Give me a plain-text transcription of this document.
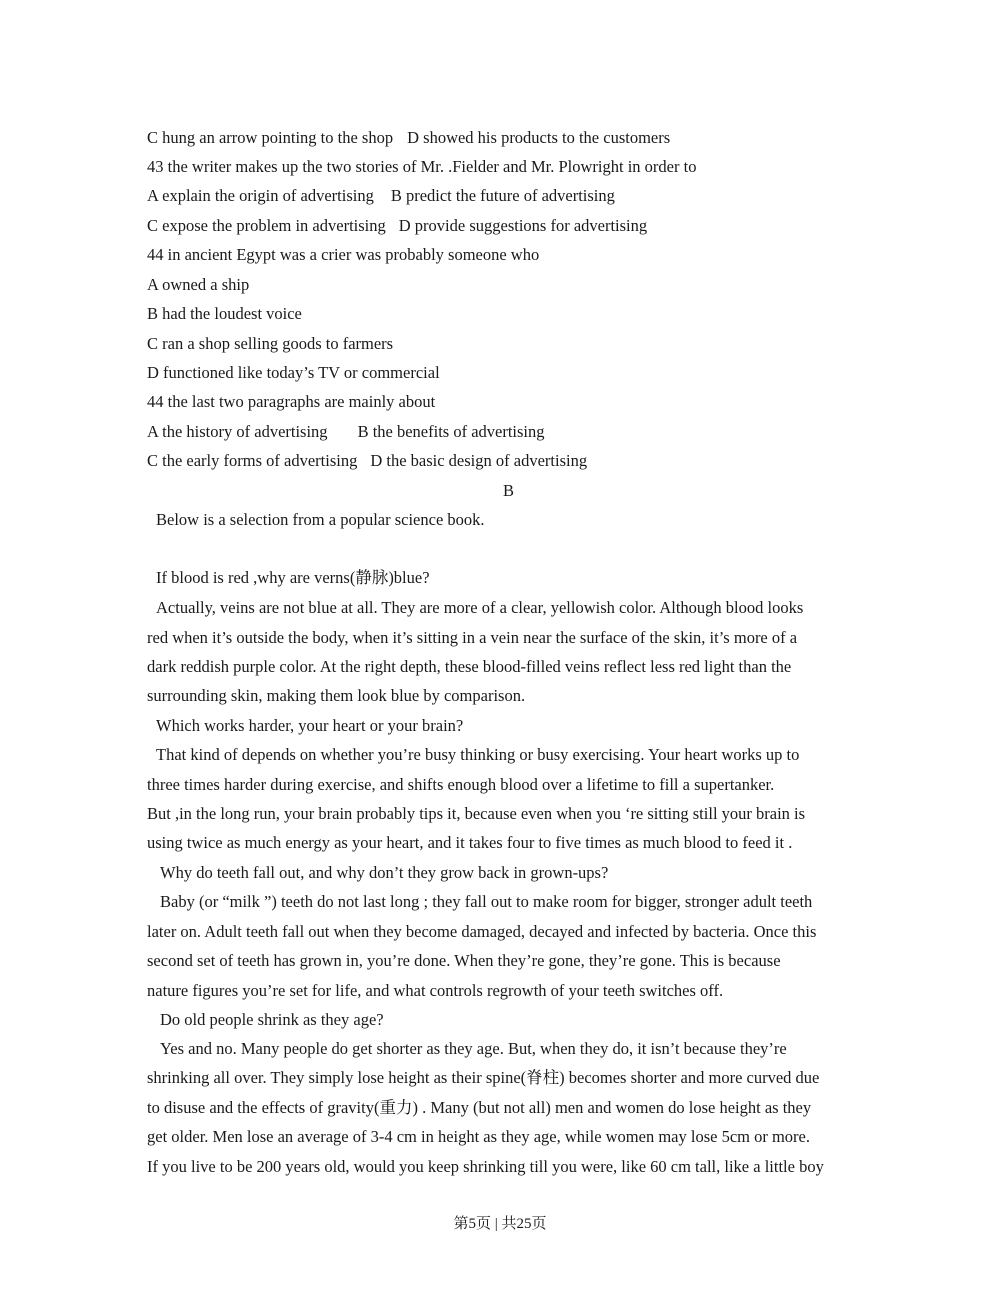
C hung an arrow pointing to the shop D showed his products to the customers
43 the writer makes up the two stories of Mr. .Fielder and Mr. Plowright in order to
A explain the origin of advertising B predict the future of advertising
C expose the problem in advertising D provide suggestions for advertising
44 in ancient Egypt was a crier was probably someone who
A owned a ship
B had the loudest voice
C ran a shop selling goods to farmers
D functioned like today’s TV or commercial
44 the last two paragraphs are mainly about
A the history of advertising B the benefits of advertising
C the early forms of advertising D the basic design of advertising
B
Below is a selection from a popular science book.
If blood is red ,why are verns(静脉)blue?
Actually, veins are not blue at all. They are more of a clear, yellowish color. Although blood looks
red when it’s outside the body, when it’s sitting in a vein near the surface of the skin, it’s more of a
dark reddish purple color. At the right depth, these blood-filled veins reflect less red light than the
surrounding skin, making them look blue by comparison.
Which works harder, your heart or your brain?
That kind of depends on whether you’re busy thinking or busy exercising. Your heart works up to
three times harder during exercise, and shifts enough blood over a lifetime to fill a supertanker.
But ,in the long run, your brain probably tips it, because even when you ‘re sitting still your brain is
using twice as much energy as your heart, and it takes four to five times as much blood to feed it .
Why do teeth fall out, and why don’t they grow back in grown-ups?
Baby (or “milk ”) teeth do not last long ; they fall out to make room for bigger, stronger adult teeth
later on. Adult teeth fall out when they become damaged, decayed and infected by bacteria. Once this
second set of teeth has grown in, you’re done. When they’re gone, they’re gone. This is because
nature figures you’re set for life, and what controls regrowth of your teeth switches off.
Do old people shrink as they age?
Yes and no. Many people do get shorter as they age. But, when they do, it isn’t because they’re
shrinking all over. They simply lose height as their spine(脊柱) becomes shorter and more curved due
to disuse and the effects of gravity(重力) . Many (but not all) men and women do lose height as they
get older. Men lose an average of 3-4 cm in height as they age, while women may lose 5cm or more.
If you live to be 200 years old, would you keep shrinking till you were, like 60 cm tall, like a little boy
第5页 | 共25页
